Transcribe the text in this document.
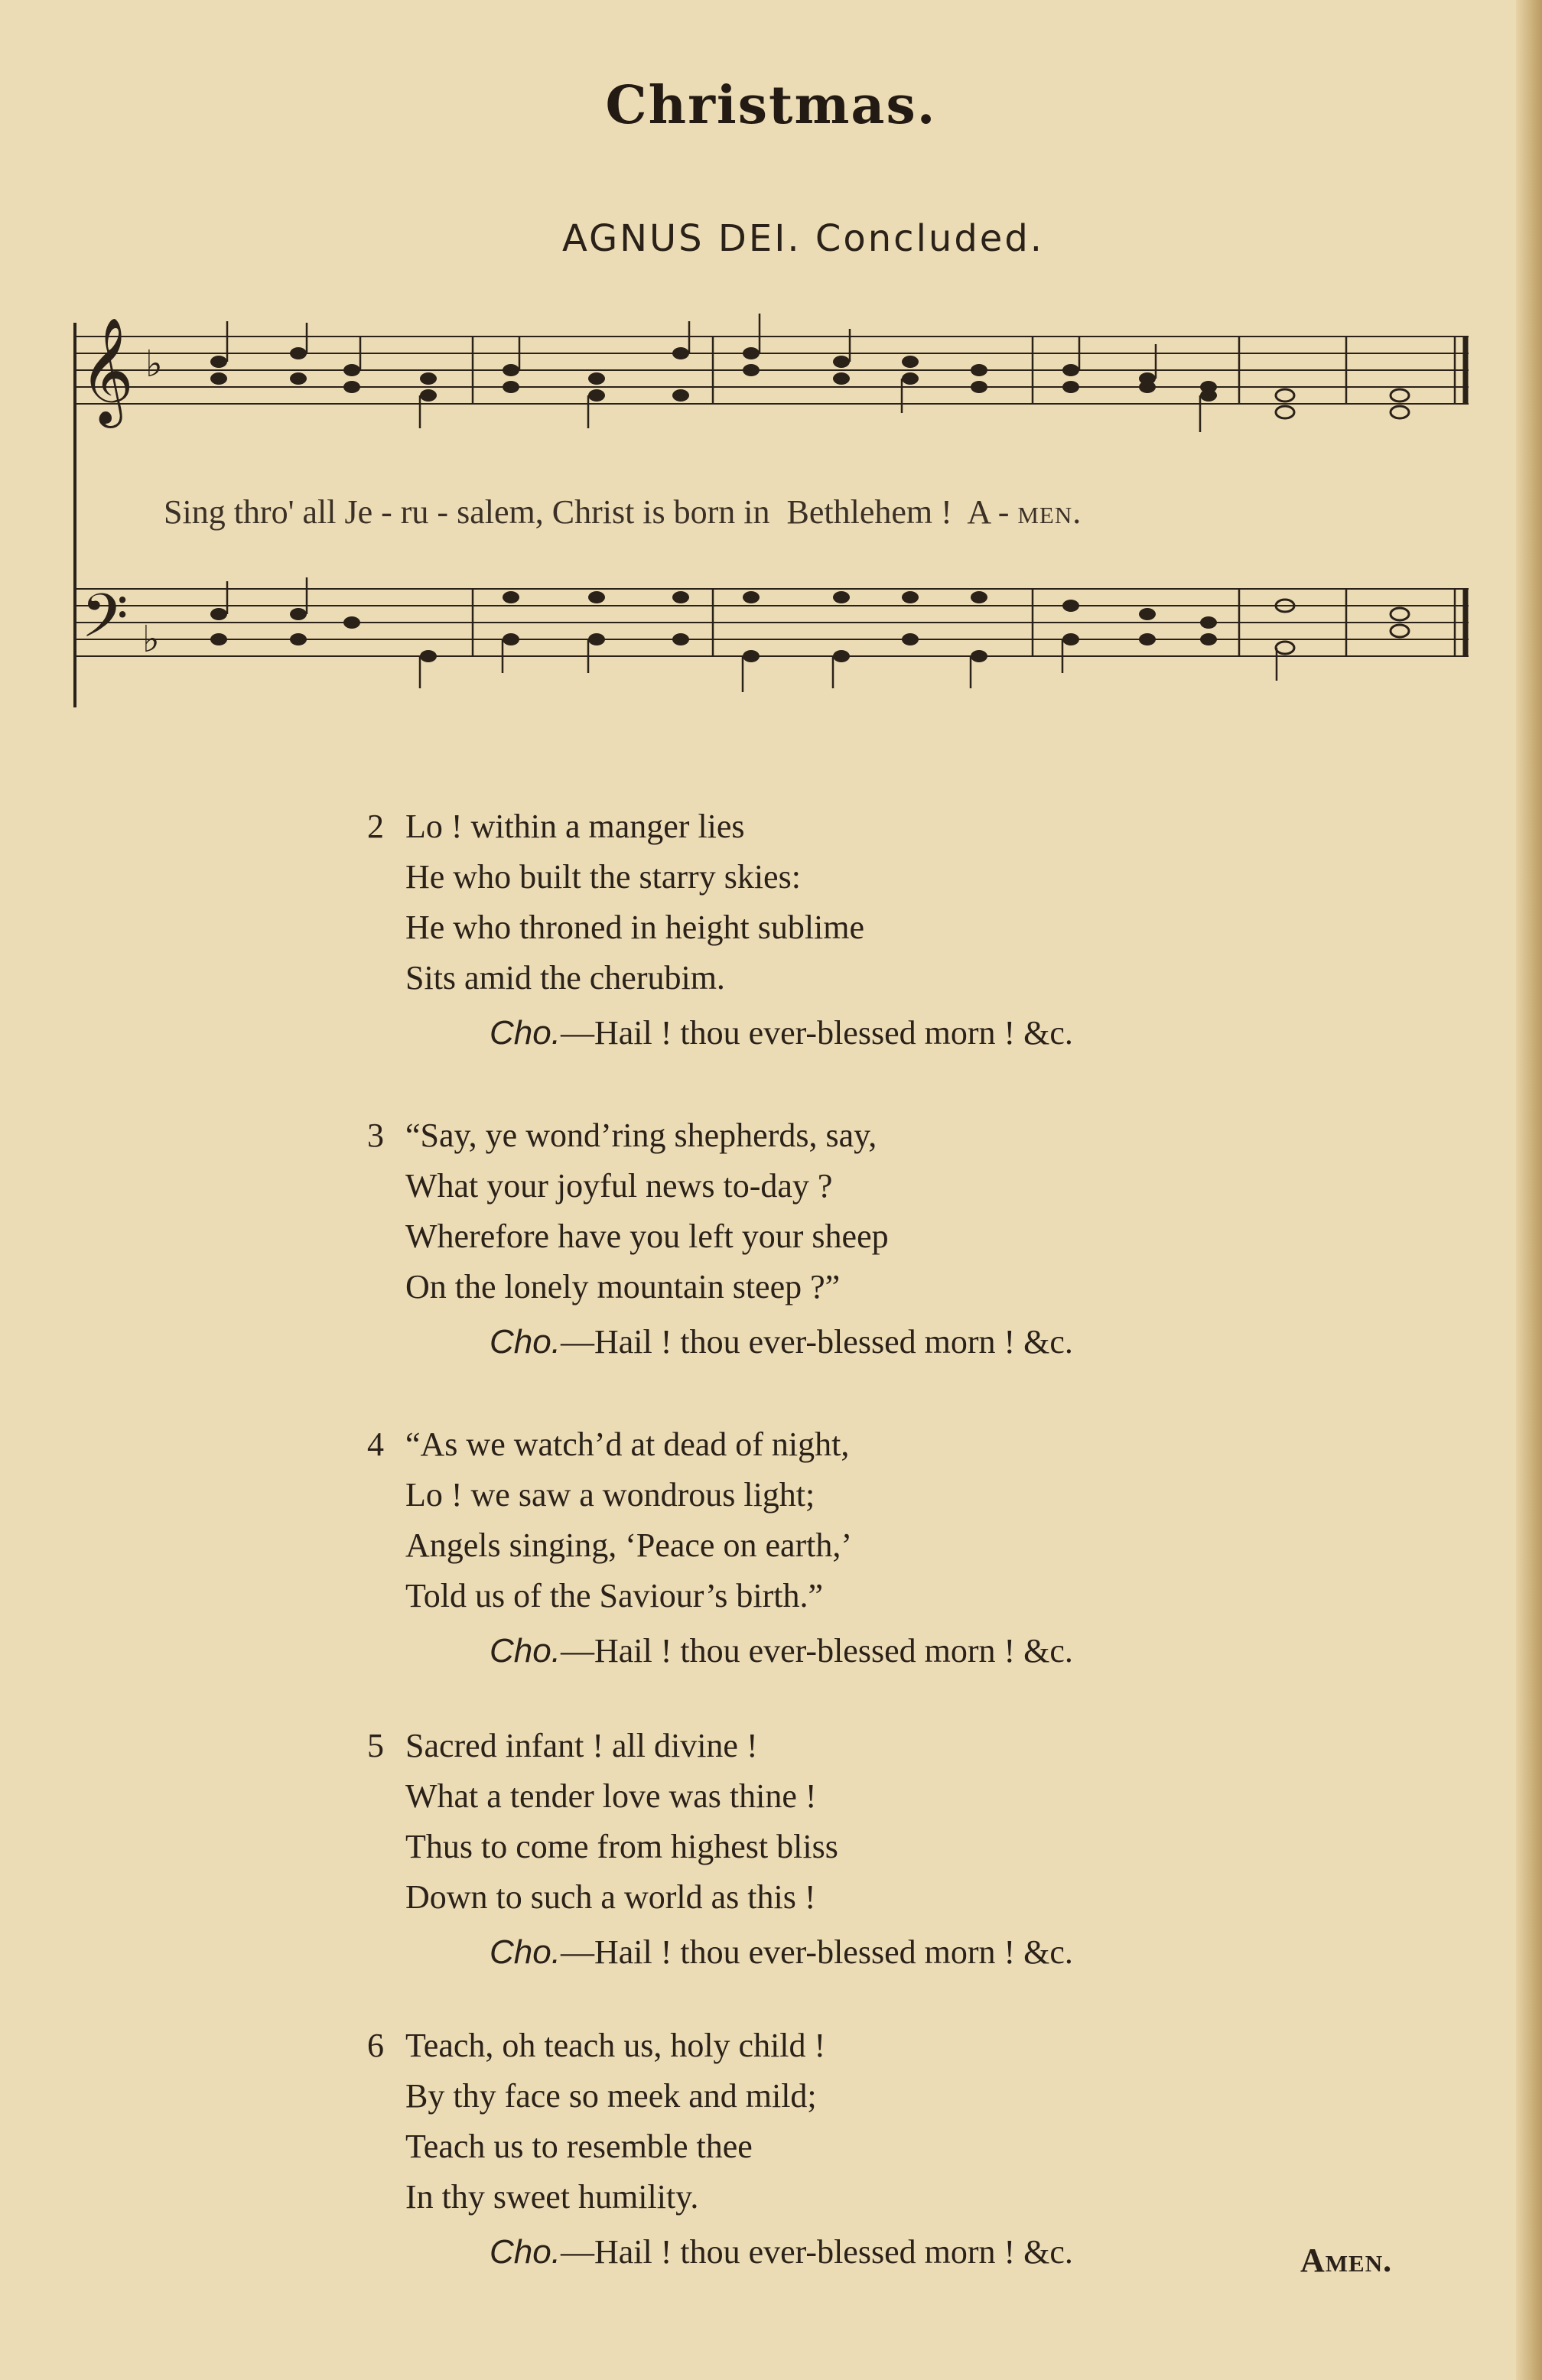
Christmas.
AGNUS DEI. Concluded.
𝄞
𝄢
♭
♭
Sing thro' all Je - ru - salem, Christ is born in  Bethlehem !  A - men.
2 Lo ! within a manger lies
He who built the starry skies:
He who throned in height sublime
Sits amid the cherubim.
Cho.—Hail ! thou ever-blessed morn ! &c.
3 “Say, ye wond’ring shepherds, say,
What your joyful news to-day ?
Wherefore have you left your sheep
On the lonely mountain steep ?”
Cho.—Hail ! thou ever-blessed morn ! &c.
4 “As we watch’d at dead of night,
Lo ! we saw a wondrous light;
Angels singing, ‘Peace on earth,’
Told us of the Saviour’s birth.”
Cho.—Hail ! thou ever-blessed morn ! &c.
5 Sacred infant ! all divine !
What a tender love was thine !
Thus to come from highest bliss
Down to such a world as this !
Cho.—Hail ! thou ever-blessed morn ! &c.
6 Teach, oh teach us, holy child !
By thy face so meek and mild;
Teach us to resemble thee
In thy sweet humility.
Cho.—Hail ! thou ever-blessed morn ! &c.	Amen.
